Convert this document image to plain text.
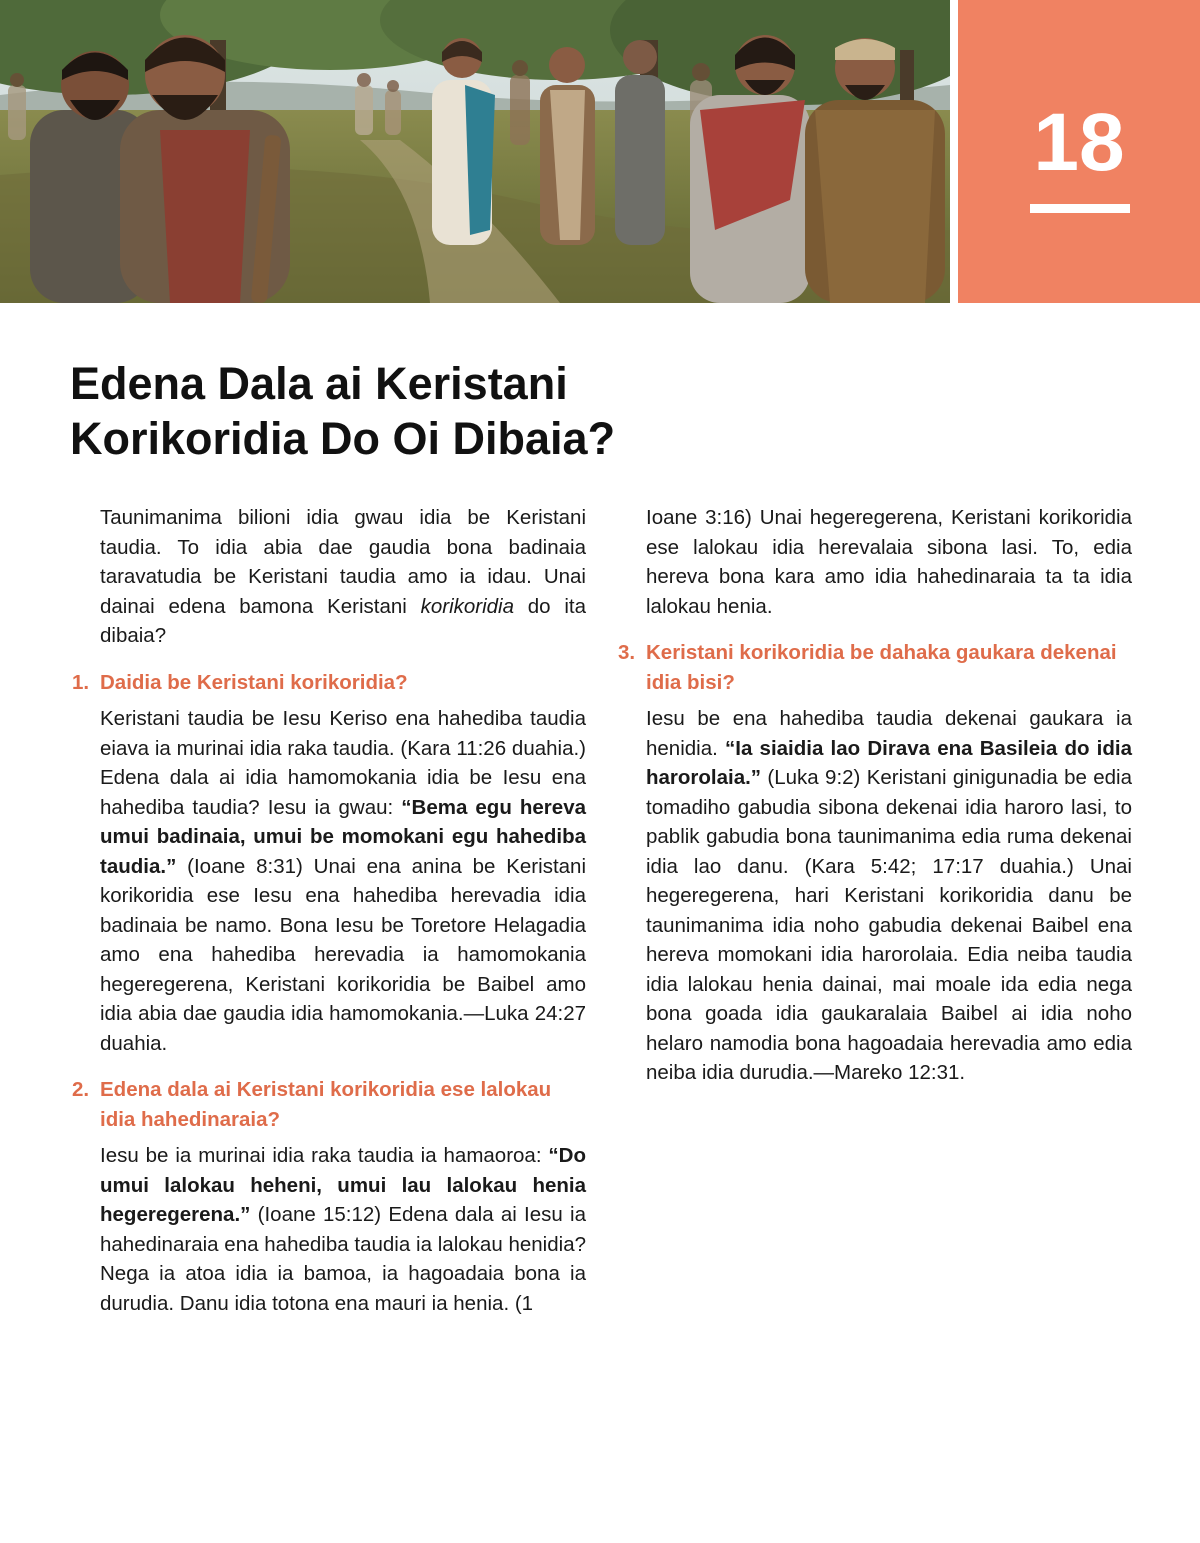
18
Edena Dala ai Keristani
Korikoridia Do Oi Dibaia?

Taunimanima bilioni idia gwau idia be Keristani taudia. To idia abia dae gaudia bona badinaia taravatudia be Keristani taudia amo ia idau. Unai dainai edena bamona Keristani korikoridia do ita dibaia?

1. Daidia be Keristani korikoridia?

Keristani taudia be Iesu Keriso ena hahediba taudia eiava ia murinai idia raka taudia. (Kara 11:26 duahia.) Edena dala ai idia hamomokania idia be Iesu ena hahediba taudia? Iesu ia gwau: “Bema egu hereva umui badinaia, umui be momokani egu hahediba taudia.” (Ioane 8:31) Unai ena anina be Keristani korikoridia ese Iesu ena hahediba herevadia idia badinaia be namo. Bona Iesu be Toretore Helagadia amo ena hahediba herevadia ia hamomokania hegeregerena, Keristani korikoridia be Baibel amo idia abia dae gaudia idia hamomokania.—Luka 24:27 duahia.

2. Edena dala ai Keristani korikoridia ese lalokau idia hahedinaraia?

Iesu be ia murinai idia raka taudia ia hamaoroa: “Do umui lalokau heheni, umui lau lalokau henia hegeregerena.” (Ioane 15:12) Edena dala ai Iesu ia hahedinaraia ena hahediba taudia ia lalokau henidia? Nega ia atoa idia ia bamoa, ia hagoadaia bona ia durudia. Danu idia totona ena mauri ia henia. (1

Ioane 3:16) Unai hegeregerena, Keristani korikoridia ese lalokau idia herevalaia sibona lasi. To, edia hereva bona kara amo idia hahedinaraia ta ta idia lalokau henia.

3. Keristani korikoridia be dahaka gaukara dekenai idia bisi?

Iesu be ena hahediba taudia dekenai gaukara ia henidia. “Ia siaidia lao Dirava ena Basileia do idia harorolaia.” (Luka 9:2) Keristani ginigunadia be edia tomadiho gabudia sibona dekenai idia haroro lasi, to pablik gabudia bona taunimanima edia ruma dekenai idia lao danu. (Kara 5:42; 17:17 duahia.) Unai hegeregerena, hari Keristani korikoridia danu be taunimanima idia noho gabudia dekenai Baibel ena hereva momokani idia harorolaia. Edia neiba taudia idia lalokau henia dainai, mai moale ida edia nega bona goada idia gaukaralaia Baibel ai idia noho helaro namodia bona hagoadaia herevadia amo edia neiba idia durudia.—Mareko 12:31.
